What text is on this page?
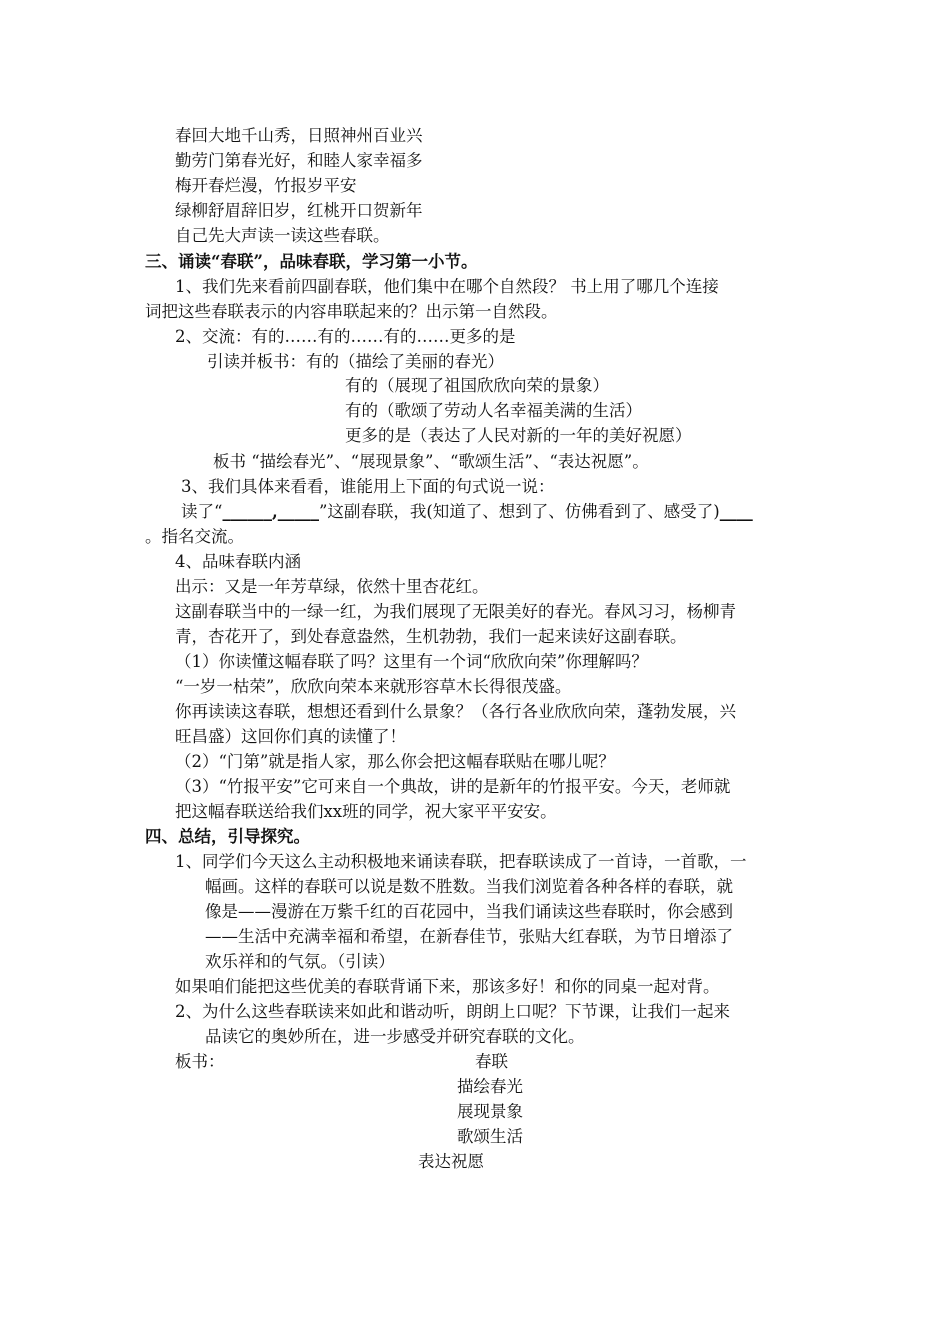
春回大地千山秀，日照神州百业兴
勤劳门第春光好，和睦人家幸福多
梅开春烂漫，竹报岁平安
绿柳舒眉辞旧岁，红桃开口贺新年
自己先大声读一读这些春联。
三、诵读“春联”，品味春联，学习第一小节。
1、我们先来看前四副春联，他们集中在哪个自然段？ 书上用了哪几个连接
词把这些春联表示的内容串联起来的？出示第一自然段。
2、交流：有的……有的……有的……更多的是
引读并板书：有的（描绘了美丽的春光）
有的（展现了祖国欣欣向荣的景象）
有的（歌颂了劳动人名幸福美满的生活）
更多的是（表达了人民对新的一年的美好祝愿）
板书 “描绘春光”、“展现景象”、“歌颂生活”、“表达祝愿”。
3、我们具体来看看，谁能用上下面的句式说一说：
读了“______,_____”这副春联，我(知道了、想到了、仿佛看到了、感受了)____
。指名交流。
4、品味春联内涵
出示：又是一年芳草绿，依然十里杏花红。
这副春联当中的一绿一红，为我们展现了无限美好的春光。春风习习，杨柳青
青，杏花开了，到处春意盎然，生机勃勃，我们一起来读好这副春联。
（1）你读懂这幅春联了吗？这里有一个词“欣欣向荣”你理解吗？
“一岁一枯荣”，欣欣向荣本来就形容草木长得很茂盛。
你再读读这春联，想想还看到什么景象？（各行各业欣欣向荣，蓬勃发展，兴
旺昌盛）这回你们真的读懂了！
（2）“门第”就是指人家，那么你会把这幅春联贴在哪儿呢？
（3）“竹报平安”它可来自一个典故，讲的是新年的竹报平安。今天，老师就
把这幅春联送给我们xx班的同学，祝大家平平安安。
四、总结，引导探究。
1、同学们今天这么主动积极地来诵读春联，把春联读成了一首诗，一首歌，一
幅画。这样的春联可以说是数不胜数。当我们浏览着各种各样的春联，就
像是——漫游在万紫千红的百花园中，当我们诵读这些春联时，你会感到
——生活中充满幸福和希望，在新春佳节，张贴大红春联，为节日增添了
欢乐祥和的气氛。（引读）
如果咱们能把这些优美的春联背诵下来，那该多好！和你的同桌一起对背。
2、为什么这些春联读来如此和谐动听，朗朗上口呢？下节课，让我们一起来
品读它的奥妙所在，进一步感受并研究春联的文化。
板书：	春联
描绘春光
展现景象
歌颂生活
表达祝愿
